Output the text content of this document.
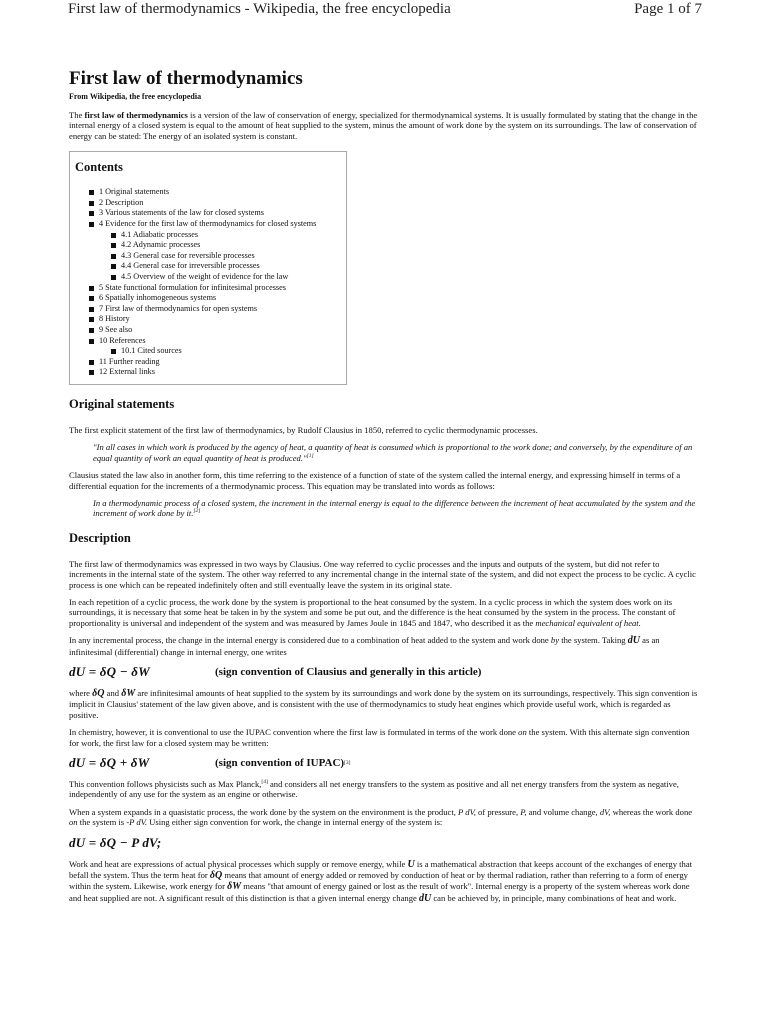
First law of thermodynamics - Wikipedia, the free encyclopedia	Page 1 of 7
First law of thermodynamics
From Wikipedia, the free encyclopedia

The first law of thermodynamics is a version of the law of conservation of energy, specialized for thermodynamical systems. It is usually formulated by stating that the change in the internal energy of a closed system is equal to the amount of heat supplied to the system, minus the amount of work done by the system on its surroundings. The law of conservation of energy can be stated: The energy of an isolated system is constant.

Contents
1 Original statements
2 Description
3 Various statements of the law for closed systems
4 Evidence for the first law of thermodynamics for closed systems
4.1 Adiabatic processes
4.2 Adynamic processes
4.3 General case for reversible processes
4.4 General case for irreversible processes
4.5 Overview of the weight of evidence for the law
5 State functional formulation for infinitesimal processes
6 Spatially inhomogeneous systems
7 First law of thermodynamics for open systems
8 History
9 See also
10 References
10.1 Cited sources
11 Further reading
12 External links
Original statements

The first explicit statement of the first law of thermodynamics, by Rudolf Clausius in 1850, referred to cyclic thermodynamic processes.

"In all cases in which work is produced by the agency of heat, a quantity of heat is consumed which is proportional to the work done; and conversely, by the expenditure of an equal quantity of work an equal quantity of heat is produced."[1]

Clausius stated the law also in another form, this time referring to the existence of a function of state of the system called the internal energy, and expressing himself in terms of a differential equation for the increments of a thermodynamic process. This equation may be translated into words as follows:

In a thermodynamic process of a closed system, the increment in the internal energy is equal to the difference between the increment of heat accumulated by the system and the increment of work done by it.[2]
Description

The first law of thermodynamics was expressed in two ways by Clausius. One way referred to cyclic processes and the inputs and outputs of the system, but did not refer to increments in the internal state of the system. The other way referred to any incremental change in the internal state of the system, and did not expect the process to be cyclic. A cyclic process is one which can be repeated indefinitely often and still eventually leave the system in its original state.

In each repetition of a cyclic process, the work done by the system is proportional to the heat consumed by the system. In a cyclic process in which the system does work on its surroundings, it is necessary that some heat be taken in by the system and some be put out, and the difference is the heat consumed by the system in the process. The constant of proportionality is universal and independent of the system and was measured by James Joule in 1845 and 1847, who described it as the mechanical equivalent of heat.

In any incremental process, the change in the internal energy is considered due to a combination of heat added to the system and work done by the system. Taking dU as an infinitesimal (differential) change in internal energy, one writes

dU = δQ − δW	(sign convention of Clausius and generally in this article)

where δQ and δW are infinitesimal amounts of heat supplied to the system by its surroundings and work done by the system on its surroundings, respectively. This sign convention is implicit in Clausius' statement of the law given above, and is consistent with the use of thermodynamics to study heat engines which provide useful work, which is regarded as positive.

In chemistry, however, it is conventional to use the IUPAC convention where the first law is formulated in terms of the work done on the system. With this alternate sign convention for work, the first law for a closed system may be written:

dU = δQ + δW	(sign convention of IUPAC) [3]

This convention follows physicists such as Max Planck,[4] and considers all net energy transfers to the system as positive and all net energy transfers from the system as negative, independently of any use for the system as an engine or otherwise.

When a system expands in a quasistatic process, the work done by the system on the environment is the product, P dV, of pressure, P, and volume change, dV, whereas the work done on the system is -P dV. Using either sign convention for work, the change in internal energy of the system is:

dU = δQ − P dV;

Work and heat are expressions of actual physical processes which supply or remove energy, while U is a mathematical abstraction that keeps account of the exchanges of energy that befall the system. Thus the term heat for δQ means that amount of energy added or removed by conduction of heat or by thermal radiation, rather than referring to a form of energy within the system. Likewise, work energy for δW means "that amount of energy gained or lost as the result of work". Internal energy is a property of the system whereas work done and heat supplied are not. A significant result of this distinction is that a given internal energy change dU can be achieved by, in principle, many combinations of heat and work.
